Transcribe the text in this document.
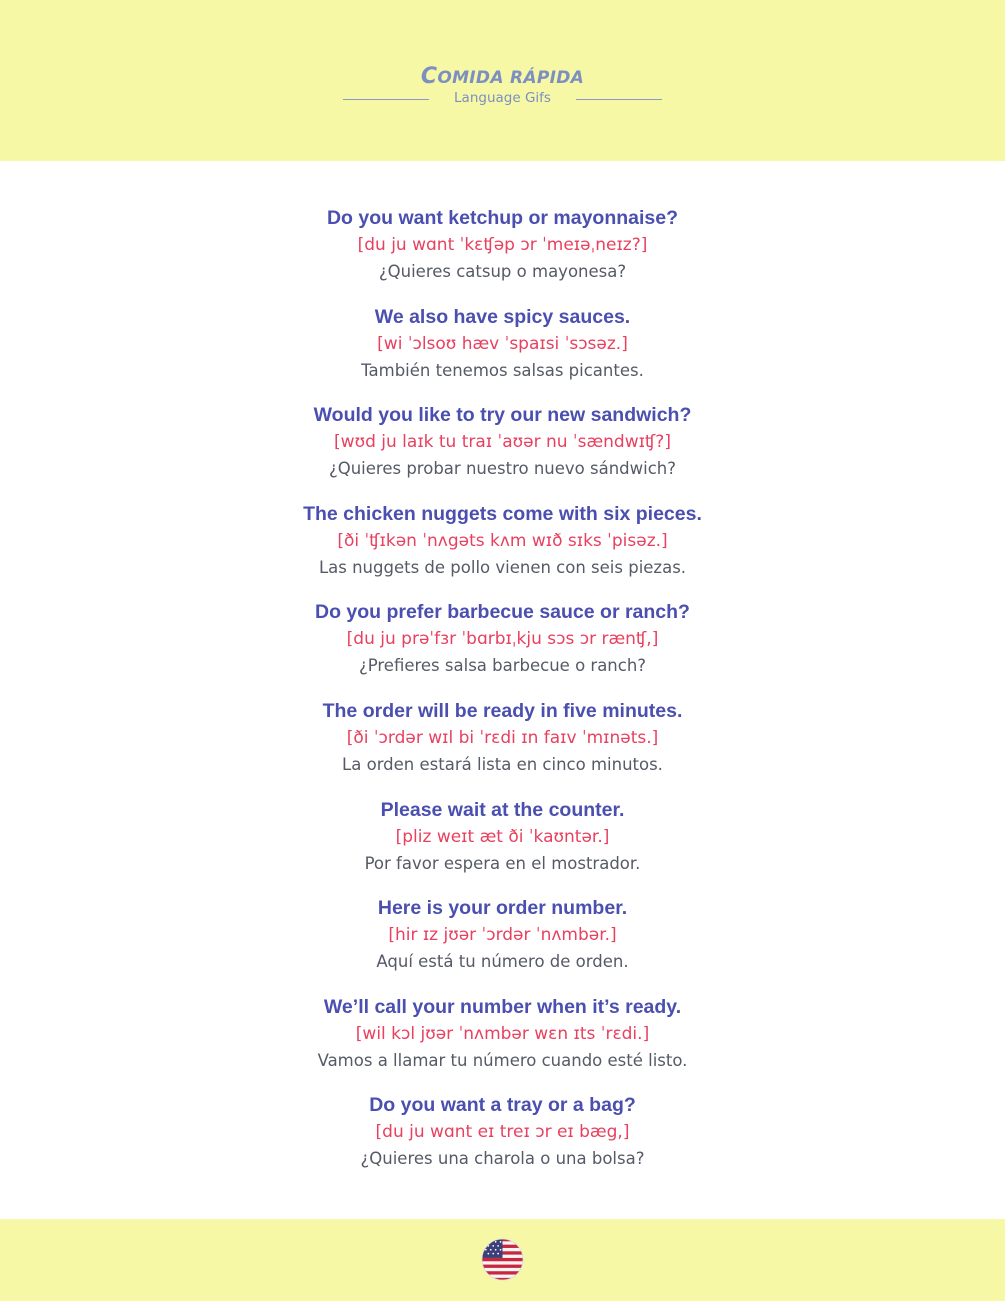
COMIDA RÁPIDA
Language Gifs
Do you want ketchup or mayonnaise?
[du ju wɑnt ˈkɛʧəp ɔr ˈmeɪəˌneɪz?]
¿Quieres catsup o mayonesa?
We also have spicy sauces.
[wi ˈɔlsoʊ hæv ˈspaɪsi ˈsɔsəz.]
También tenemos salsas picantes.
Would you like to try our new sandwich?
[wʊd ju laɪk tu traɪ ˈaʊər nu ˈsændwɪʧ?]
¿Quieres probar nuestro nuevo sándwich?
The chicken nuggets come with six pieces.
[ði ˈʧɪkən ˈnʌgəts kʌm wɪð sɪks ˈpisəz.]
Las nuggets de pollo vienen con seis piezas.
Do you prefer barbecue sauce or ranch?
[du ju prəˈfɜr ˈbɑrbɪˌkju sɔs ɔr rænʧ,]
¿Prefieres salsa barbecue o ranch?
The order will be ready in five minutes.
[ði ˈɔrdər wɪl bi ˈrɛdi ɪn faɪv ˈmɪnəts.]
La orden estará lista en cinco minutos.
Please wait at the counter.
[pliz weɪt æt ði ˈkaʊntər.]
Por favor espera en el mostrador.
Here is your order number.
[hir ɪz jʊər ˈɔrdər ˈnʌmbər.]
Aquí está tu número de orden.
We’ll call your number when it’s ready.
[wil kɔl jʊər ˈnʌmbər wɛn ɪts ˈrɛdi.]
Vamos a llamar tu número cuando esté listo.
Do you want a tray or a bag?
[du ju wɑnt eɪ treɪ ɔr eɪ bæg,]
¿Quieres una charola o una bolsa?
